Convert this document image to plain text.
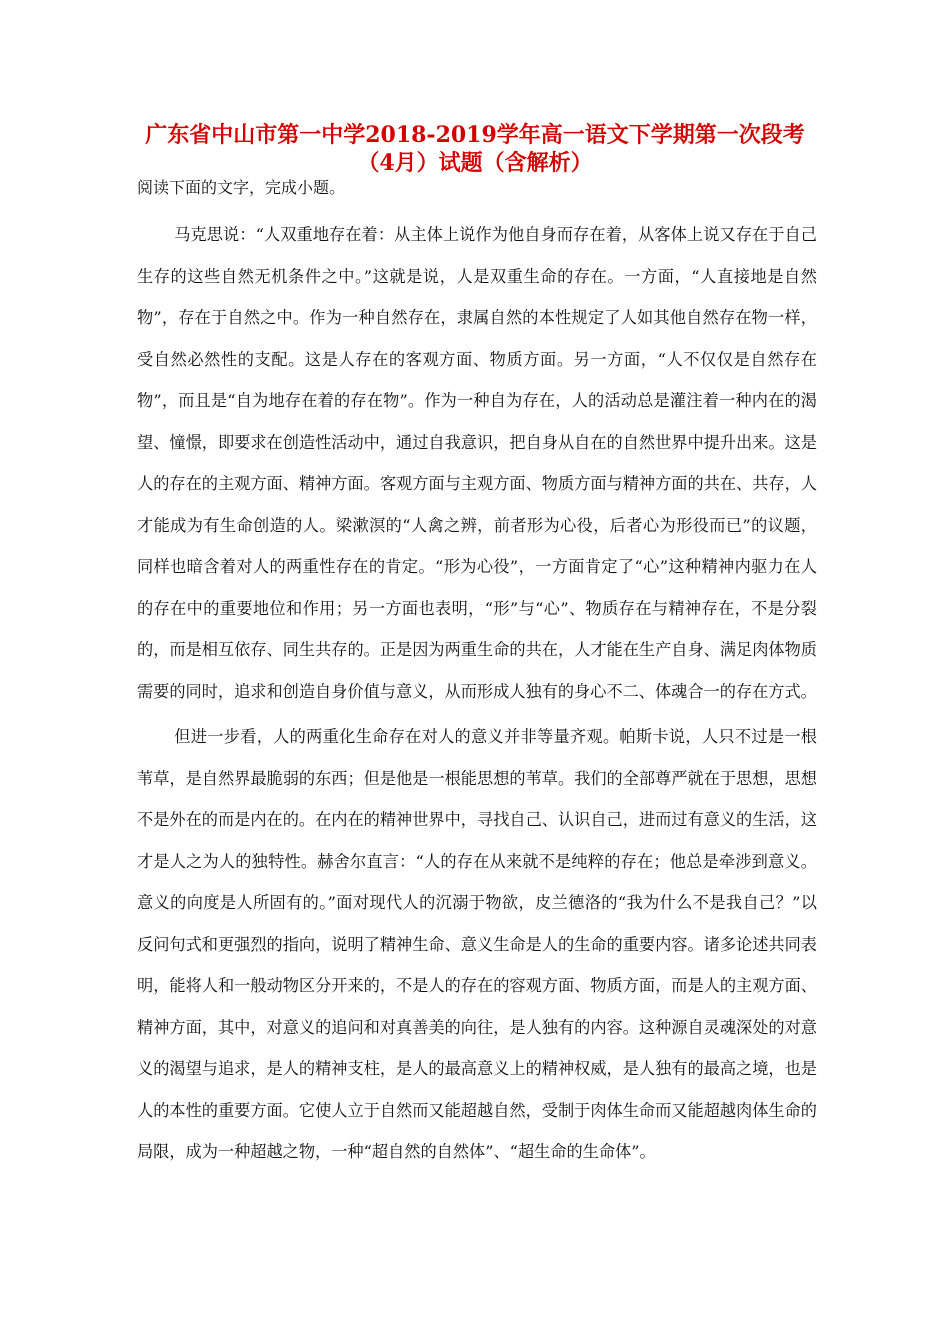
广东省中山市第一中学2018-2019学年高一语文下学期第一次段考
（4月）试题（含解析）

阅读下面的文字，完成小题。

马克思说：“人双重地存在着：从主体上说作为他自身而存在着，从客体上说又存在于自己生存的这些自然无机条件之中。”这就是说，人是双重生命的存在。一方面，“人直接地是自然物”，存在于自然之中。作为一种自然存在，隶属自然的本性规定了人如其他自然存在物一样，受自然必然性的支配。这是人存在的客观方面、物质方面。另一方面，“人不仅仅是自然存在物”，而且是“自为地存在着的存在物”。作为一种自为存在，人的活动总是灌注着一种内在的渴望、憧憬，即要求在创造性活动中，通过自我意识，把自身从自在的自然世界中提升出来。这是人的存在的主观方面、精神方面。客观方面与主观方面、物质方面与精神方面的共在、共存，人才能成为有生命创造的人。梁漱溟的“人禽之辨，前者形为心役，后者心为形役而已”的议题，同样也暗含着对人的两重性存在的肯定。“形为心役”，一方面肯定了“心”这种精神内驱力在人的存在中的重要地位和作用；另一方面也表明，“形”与“心”、物质存在与精神存在，不是分裂的，而是相互依存、同生共存的。正是因为两重生命的共在，人才能在生产自身、满足肉体物质需要的同时，追求和创造自身价值与意义，从而形成人独有的身心不二、体魂合一的存在方式。

但进一步看，人的两重化生命存在对人的意义并非等量齐观。帕斯卡说，人只不过是一根苇草，是自然界最脆弱的东西；但是他是一根能思想的苇草。我们的全部尊严就在于思想，思想不是外在的而是内在的。在内在的精神世界中，寻找自己、认识自己，进而过有意义的生活，这才是人之为人的独特性。赫舍尔直言：“人的存在从来就不是纯粹的存在；他总是牵涉到意义。意义的向度是人所固有的。”面对现代人的沉溺于物欲，皮兰德洛的“我为什么不是我自己？”以反问句式和更强烈的指向，说明了精神生命、意义生命是人的生命的重要内容。诸多论述共同表明，能将人和一般动物区分开来的，不是人的存在的容观方面、物质方面，而是人的主观方面、精神方面，其中，对意义的追问和对真善美的向往，是人独有的内容。这种源自灵魂深处的对意义的渴望与追求，是人的精神支柱，是人的最高意义上的精神权威，是人独有的最高之境，也是人的本性的重要方面。它使人立于自然而又能超越自然，受制于肉体生命而又能超越肉体生命的局限，成为一种超越之物，一种“超自然的自然体”、“超生命的生命体”。
